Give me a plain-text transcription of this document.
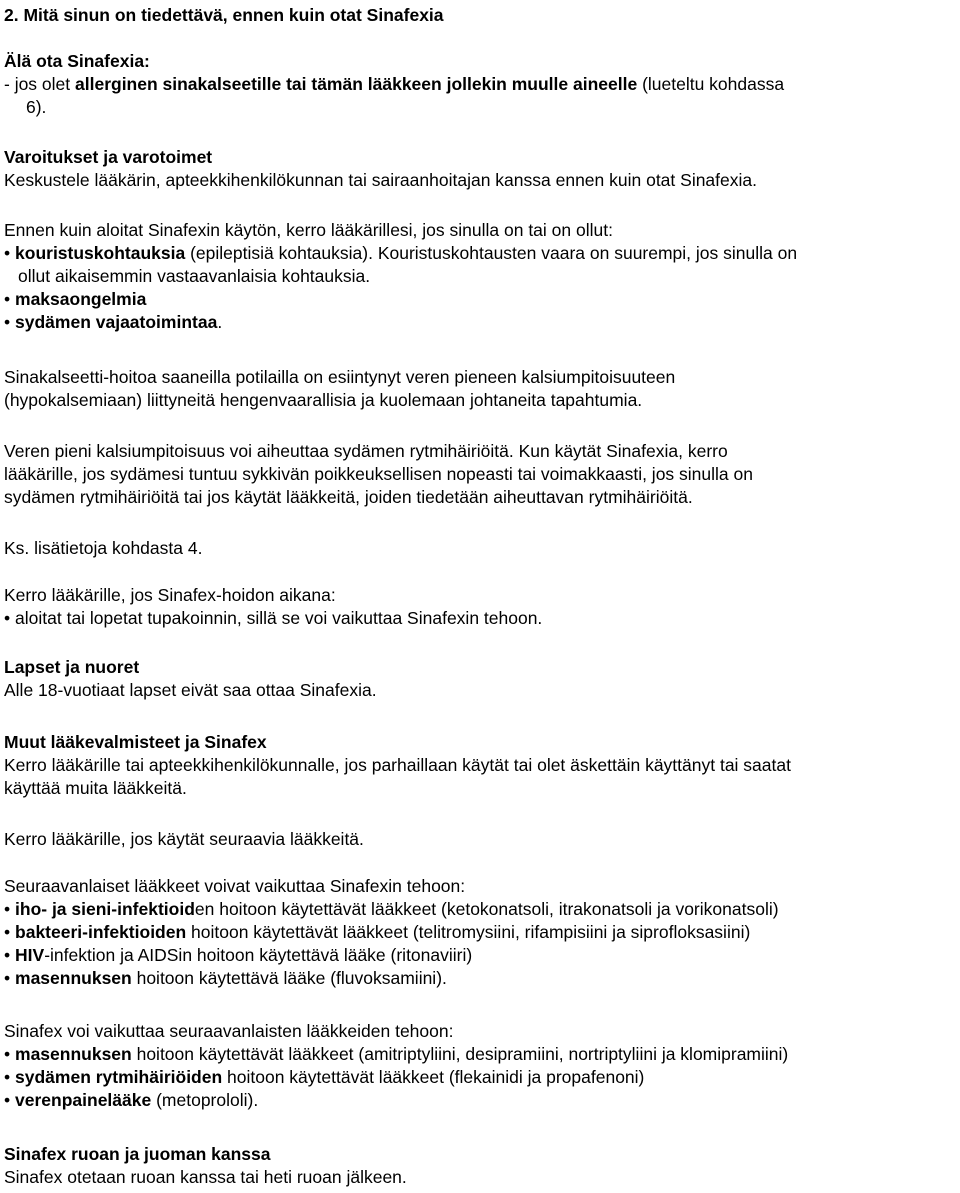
2. Mitä sinun on tiedettävä, ennen kuin otat Sinafexia
Älä ota Sinafexia:
- jos olet allerginen sinakalseetille tai tämän lääkkeen jollekin muulle aineelle (lueteltu kohdassa
6).
Varoitukset ja varotoimet
Keskustele lääkärin, apteekkihenkilökunnan tai sairaanhoitajan kanssa ennen kuin otat Sinafexia.
Ennen kuin aloitat Sinafexin käytön, kerro lääkärillesi, jos sinulla on tai on ollut:
• kouristuskohtauksia (epileptisiä kohtauksia). Kouristuskohtausten vaara on suurempi, jos sinulla on
ollut aikaisemmin vastaavanlaisia kohtauksia.
• maksaongelmia
• sydämen vajaatoimintaa.
Sinakalseetti-hoitoa saaneilla potilailla on esiintynyt veren pieneen kalsiumpitoisuuteen
(hypokalsemiaan) liittyneitä hengenvaarallisia ja kuolemaan johtaneita tapahtumia.
Veren pieni kalsiumpitoisuus voi aiheuttaa sydämen rytmihäiriöitä. Kun käytät Sinafexia, kerro
lääkärille, jos sydämesi tuntuu sykkivän poikkeuksellisen nopeasti tai voimakkaasti, jos sinulla on
sydämen rytmihäiriöitä tai jos käytät lääkkeitä, joiden tiedetään aiheuttavan rytmihäiriöitä.
Ks. lisätietoja kohdasta 4.
Kerro lääkärille, jos Sinafex-hoidon aikana:
• aloitat tai lopetat tupakoinnin, sillä se voi vaikuttaa Sinafexin tehoon.
Lapset ja nuoret
Alle 18-vuotiaat lapset eivät saa ottaa Sinafexia.
Muut lääkevalmisteet ja Sinafex
Kerro lääkärille tai apteekkihenkilökunnalle, jos parhaillaan käytät tai olet äskettäin käyttänyt tai saatat
käyttää muita lääkkeitä.
Kerro lääkärille, jos käytät seuraavia lääkkeitä.
Seuraavanlaiset lääkkeet voivat vaikuttaa Sinafexin tehoon:
• iho- ja sieni-infektioiden hoitoon käytettävät lääkkeet (ketokonatsoli, itrakonatsoli ja vorikonatsoli)
• bakteeri-infektioiden hoitoon käytettävät lääkkeet (telitromysiini, rifampisiini ja siprofloksasiini)
• HIV-infektion ja AIDSin hoitoon käytettävä lääke (ritonaviiri)
• masennuksen hoitoon käytettävä lääke (fluvoksamiini).
Sinafex voi vaikuttaa seuraavanlaisten lääkkeiden tehoon:
• masennuksen hoitoon käytettävät lääkkeet (amitriptyliini, desipramiini, nortriptyliini ja klomipramiini)
• sydämen rytmihäiriöiden hoitoon käytettävät lääkkeet (flekainidi ja propafenoni)
• verenpainelääke (metoprololi).
Sinafex ruoan ja juoman kanssa
Sinafex otetaan ruoan kanssa tai heti ruoan jälkeen.
